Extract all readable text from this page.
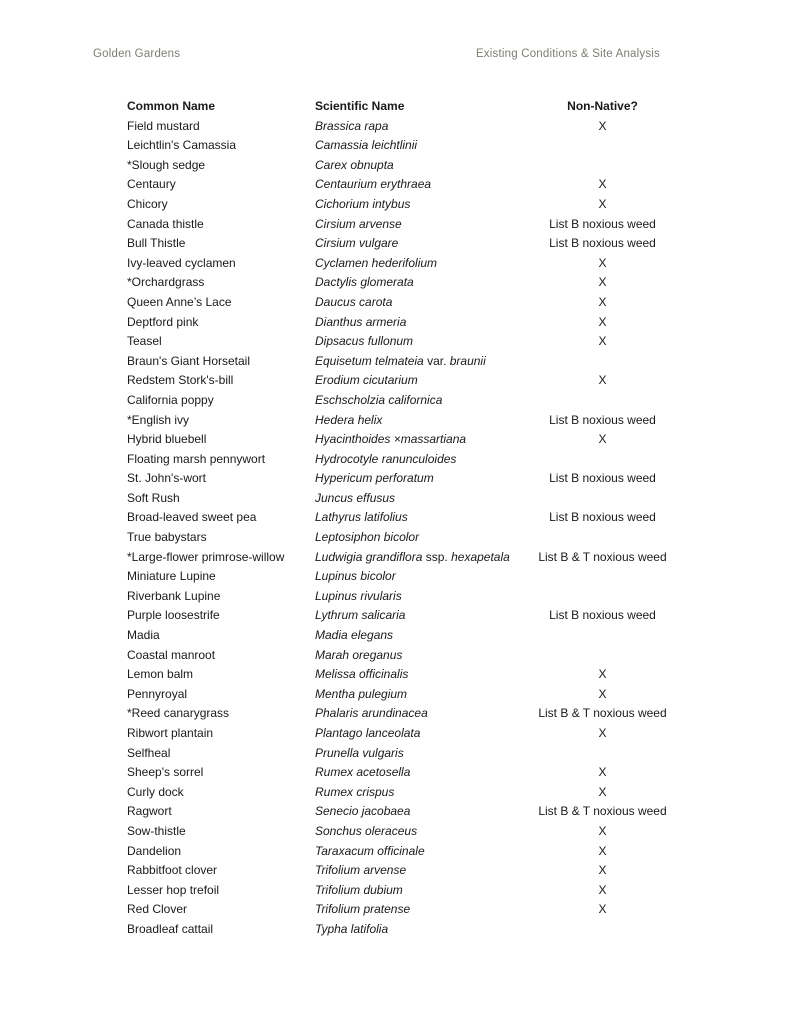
Golden Gardens	Existing Conditions & Site Analysis
Common Name	Scientific Name	Non-Native?
Field mustard	Brassica rapa	X
Leichtlin's Camassia	Camassia leichtlinii
*Slough sedge	Carex obnupta
Centaury	Centaurium erythraea	X
Chicory	Cichorium intybus	X
Canada thistle	Cirsium arvense	List B noxious weed
Bull Thistle	Cirsium vulgare	List B noxious weed
Ivy-leaved cyclamen	Cyclamen hederifolium	X
*Orchardgrass	Dactylis glomerata	X
Queen Anne’s Lace	Daucus carota	X
Deptford pink	Dianthus armeria	X
Teasel	Dipsacus fullonum	X
Braun's Giant Horsetail	Equisetum telmateia var. braunii
Redstem Stork's-bill	Erodium cicutarium	X
California poppy	Eschscholzia californica
*English ivy	Hedera helix	List B noxious weed
Hybrid bluebell	Hyacinthoides ×massartiana	X
Floating marsh pennywort	Hydrocotyle ranunculoides
St. John's-wort	Hypericum perforatum	List B noxious weed
Soft Rush	Juncus effusus
Broad-leaved sweet pea	Lathyrus latifolius	List B noxious weed
True babystars	Leptosiphon bicolor
*Large-flower primrose-willow	Ludwigia grandiflora ssp. hexapetala	List B & T noxious weed
Miniature Lupine	Lupinus bicolor
Riverbank Lupine	Lupinus rivularis
Purple loosestrife	Lythrum salicaria	List B noxious weed
Madia	Madia elegans
Coastal manroot	Marah oreganus
Lemon balm	Melissa officinalis	X
Pennyroyal	Mentha pulegium	X
*Reed canarygrass	Phalaris arundinacea	List B & T noxious weed
Ribwort plantain	Plantago lanceolata	X
Selfheal	Prunella vulgaris
Sheep's sorrel	Rumex acetosella	X
Curly dock	Rumex crispus	X
Ragwort	Senecio jacobaea	List B & T noxious weed
Sow-thistle	Sonchus oleraceus	X
Dandelion	Taraxacum officinale	X
Rabbitfoot clover	Trifolium arvense	X
Lesser hop trefoil	Trifolium dubium	X
Red Clover	Trifolium pratense	X
Broadleaf cattail	Typha latifolia
